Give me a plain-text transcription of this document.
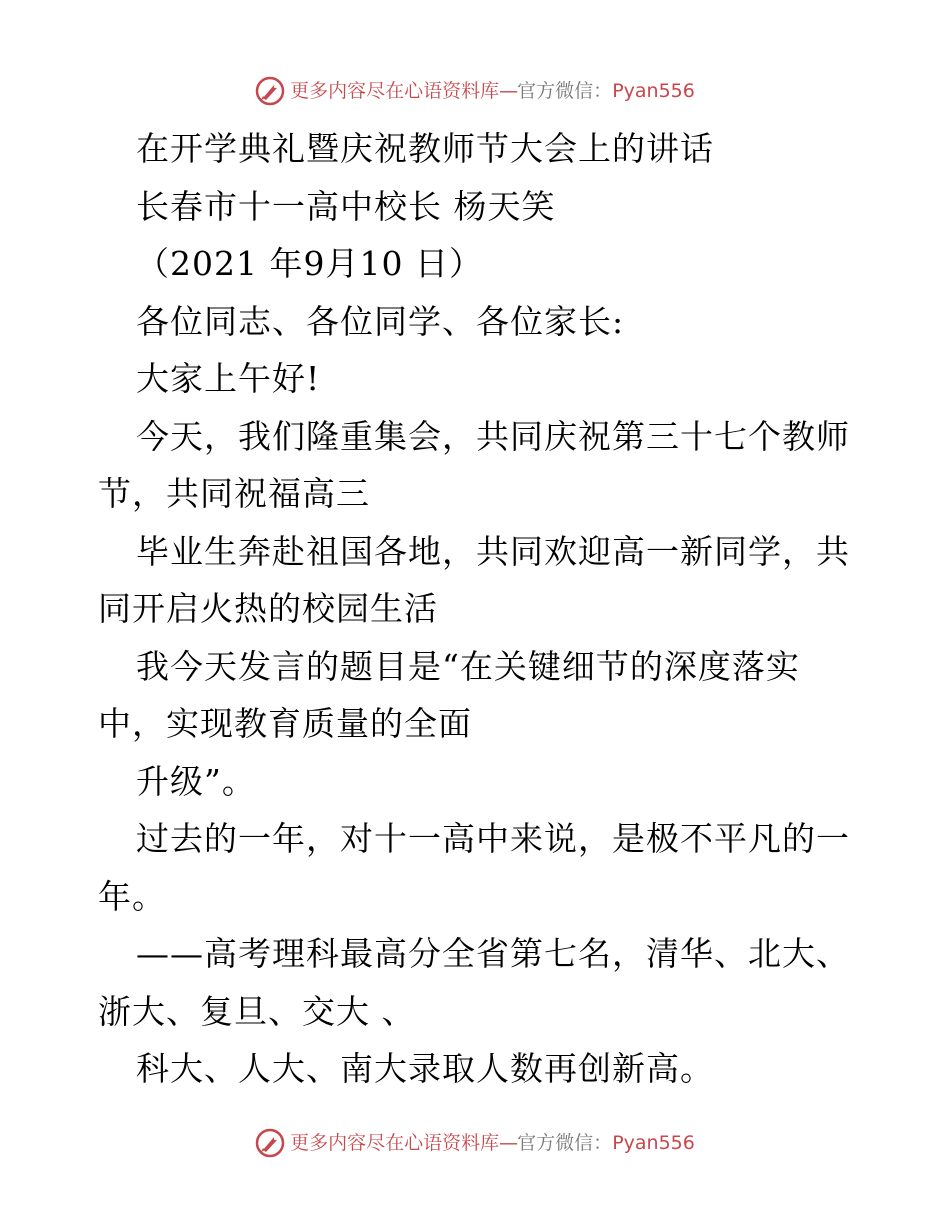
更多内容尽在心语资料库 — 官方微信： Pyan556
在开学典礼暨庆祝教师节大会上的讲话
长春市十一高中校长 杨天笑
（2021 年9月10 日）
各位同志、各位同学、各位家长:
大家上午好!
今天，我们隆重集会，共同庆祝第三十七个教师
节，共同祝福高三
毕业生奔赴祖国各地，共同欢迎高一新同学，共
同开启火热的校园生活
我今天发言的题目是“在关键细节的深度落实
中，实现教育质量的全面
升级”。
过去的一年，对十一高中来说，是极不平凡的一
年。
——高考理科最高分全省第七名，清华、北大、
浙大、复旦、交大 、
科大、人大、南大录取人数再创新高。
更多内容尽在心语资料库 — 官方微信： Pyan556
